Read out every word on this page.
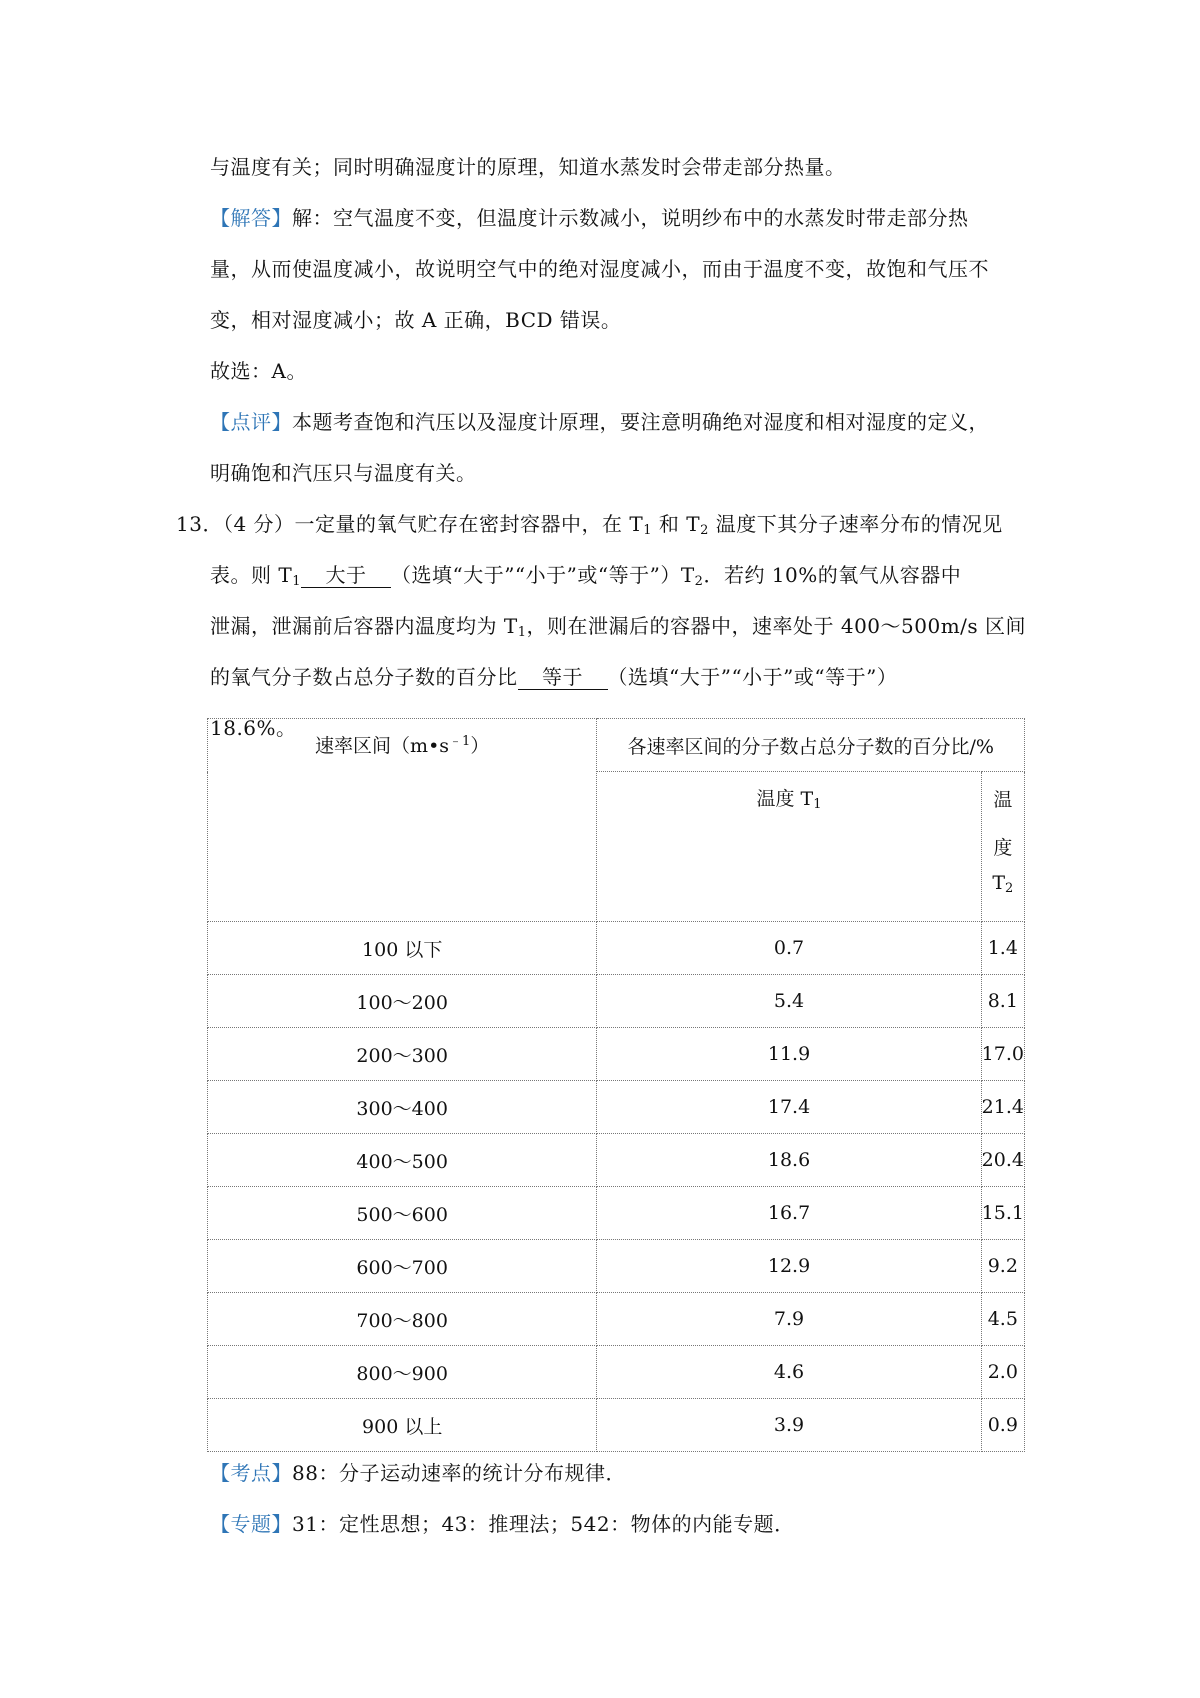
与温度有关；同时明确湿度计的原理，知道水蒸发时会带走部分热量。
【解答】解：空气温度不变，但温度计示数减小，说明纱布中的水蒸发时带走部分热
量，从而使温度减小，故说明空气中的绝对湿度减小，而由于温度不变，故饱和气压不
变，相对湿度减小；故 A 正确，BCD 错误。
故选：A。
【点评】本题考查饱和汽压以及湿度计原理，要注意明确绝对湿度和相对湿度的定义，
明确饱和汽压只与温度有关。
13．（4 分）一定量的氧气贮存在密封容器中，在 $T_1$ 和 $T_2$ 温度下其分子速率分布的情况见
表。则 $T_1$ 大于 （选填“大于”“小于”或“等于$”)T_2$．若约 10%的氧气从容器中
泄漏，泄漏前后容器内温度均为 $T_1$，则在泄漏后的容器中，速率处于 400～500m/s 区间
的氧气分子数占总分子数的百分比 等于 （选填“大于”“小于”或“等于”）
18.6%。
速率区间$(m•s^{﹣1})$	各速率区间的分子数占总分子数的百分比/%	
	温度 $T_1$	温度
$T_2$
100 以下	0.7	1.4
100～200	5.4	8.1
200～300	11.9	17.0
300～400	17.4	21.4
400～500	18.6	20.4
500～600	16.7	15.1
600～700	12.9	9.2
700～800	7.9	4.5
800～900	4.6	2.0
900 以上	3.9	0.9
【考点】88：分子运动速率的统计分布规律．
【专题】31：定性思想；43：推理法；542：物体的内能专题．
